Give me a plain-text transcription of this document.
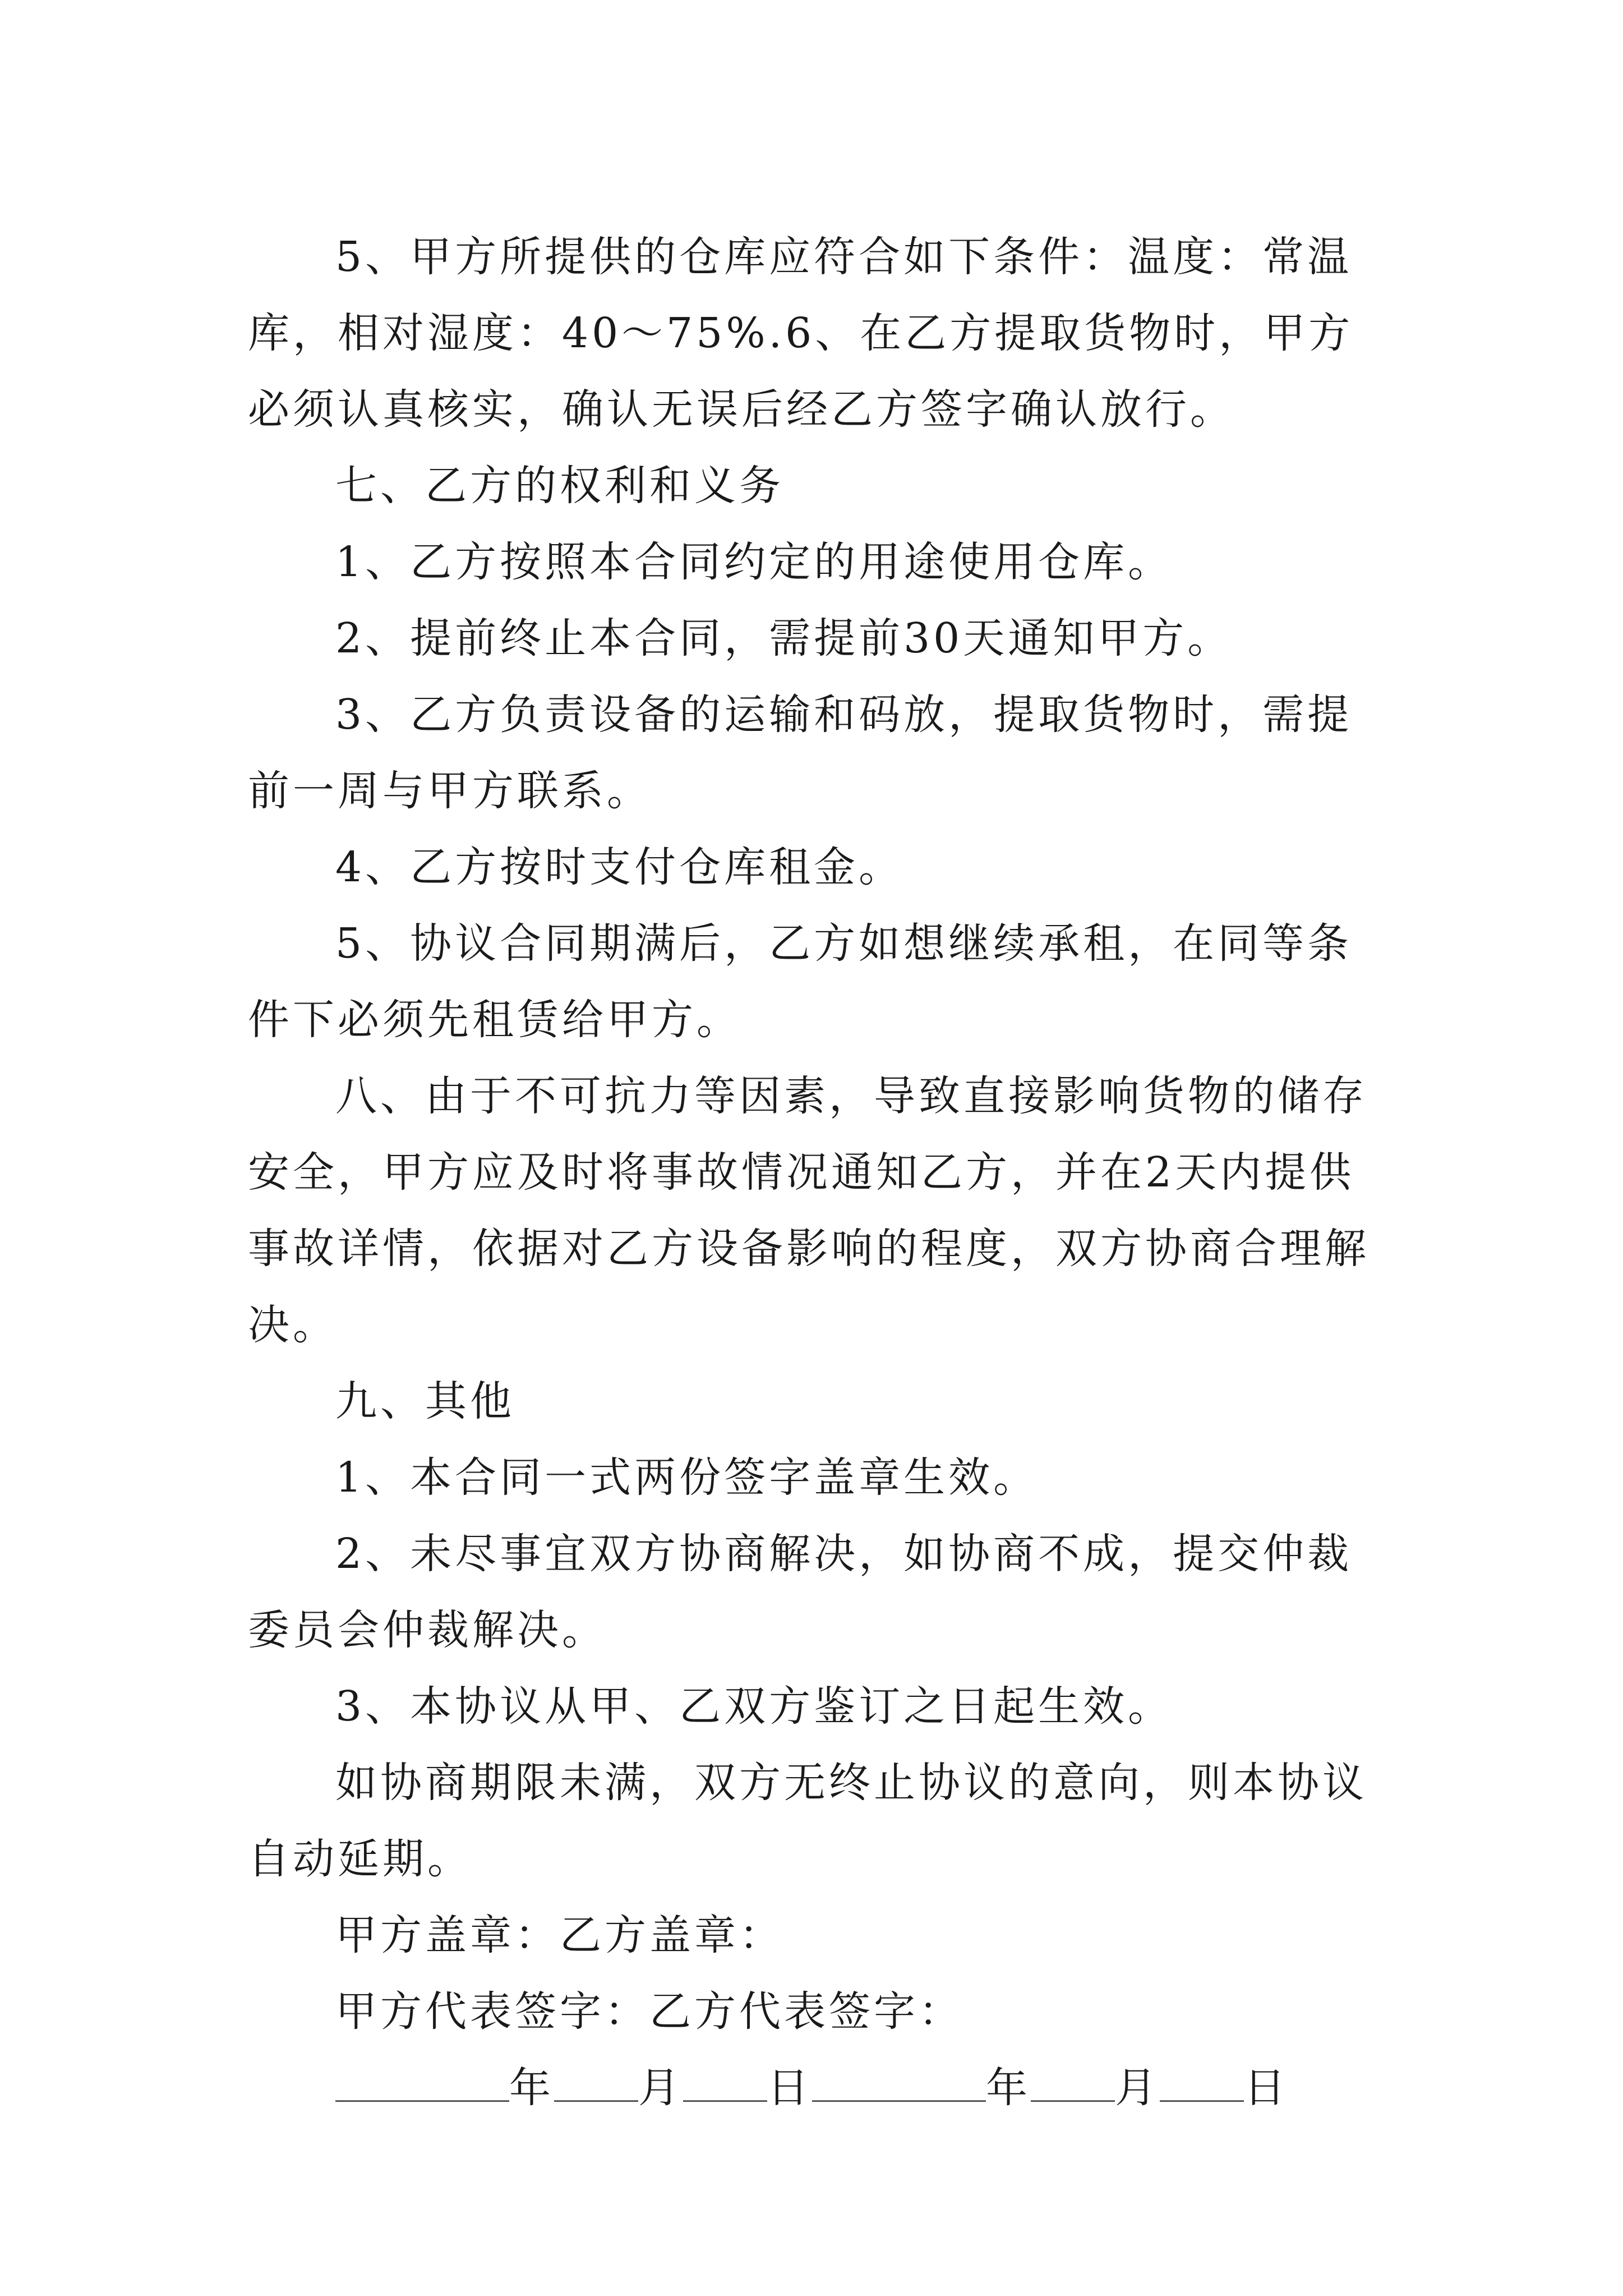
5、甲方所提供的仓库应符合如下条件：温度：常温库，相对湿度：40～75%.6、在乙方提取货物时，甲方必须认真核实，确认无误后经乙方签字确认放行。

七、乙方的权利和义务

1、乙方按照本合同约定的用途使用仓库。

2、提前终止本合同，需提前30天通知甲方。

3、乙方负责设备的运输和码放，提取货物时，需提前一周与甲方联系。

4、乙方按时支付仓库租金。

5、协议合同期满后，乙方如想继续承租，在同等条件下必须先租赁给甲方。

八、由于不可抗力等因素，导致直接影响货物的储存安全，甲方应及时将事故情况通知乙方，并在2天内提供事故详情，依据对乙方设备影响的程度，双方协商合理解决。

九、其他

1、本合同一式两份签字盖章生效。

2、未尽事宜双方协商解决，如协商不成，提交仲裁委员会仲裁解决。

3、本协议从甲、乙双方鉴订之日起生效。

如协商期限未满，双方无终止协议的意向，则本协议自动延期。

甲方盖章：乙方盖章：

甲方代表签字：乙方代表签字：

年 月 日	年 月 日
